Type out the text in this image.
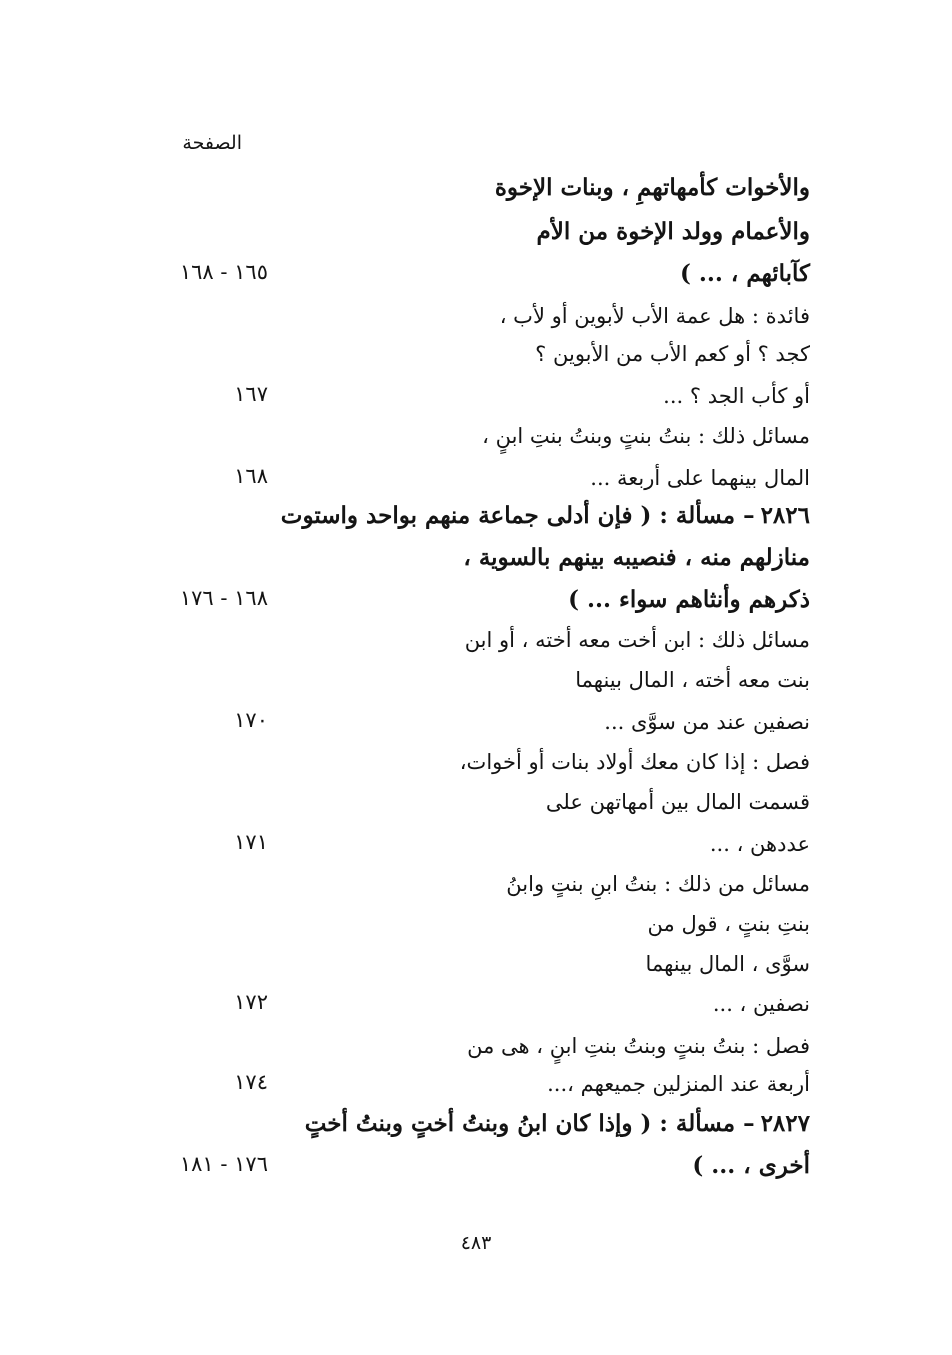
الصفحة
والأخوات كأمهاتهمِ ، وبنات الإخوة
والأعمام وولد الإخوة من الأم
كآبائهم ، ... )
١٦٥ - ١٦٨
فائدة : هل عمة الأب لأبوين أو لأب ،
كجد ؟ أو كعم الأب من الأبوين ؟
أو كأب الجد ؟ ...
١٦٧
مسائل ذلك : بنتُ بنتٍ وبنتُ بنتِ ابنٍ ،
المال بينهما على أربعة ...
١٦٨
٢٨٢٦– مسألة : ( فإن أدلى جماعة منهم بواحد واستوت
منازلهم منه ، فنصيبه بينهم بالسوية ،
ذكرهم وأنثاهم سواء ... )
١٦٨ - ١٧٦
مسائل ذلك : ابن أخت معه أخته ، أو ابن
بنت معه أخته ، المال بينهما
نصفين عند من سوَّى ...
١٧٠
فصل : إذا كان معك أولاد بنات أو أخوات،
قسمت المال بين أمهاتهن على
عددهن ، ...
١٧١
مسائل من ذلك : بنتُ ابنِ بنتٍ وابنُ
بنتِ بنتٍ ، قول من
سوَّى ، المال بينهما
نصفين ، ...
١٧٢
فصل : بنتُ بنتٍ وبنتُ بنتِ ابنٍ ، هى من
أربعة عند المنزلين جميعهم ،...
١٧٤
٢٨٢٧– مسألة : ( وإذا كان ابنُ وبنتُ أختٍ وبنتُ أختٍ
أخرى ، ... )
١٧٦ - ١٨١
٤٨٣
